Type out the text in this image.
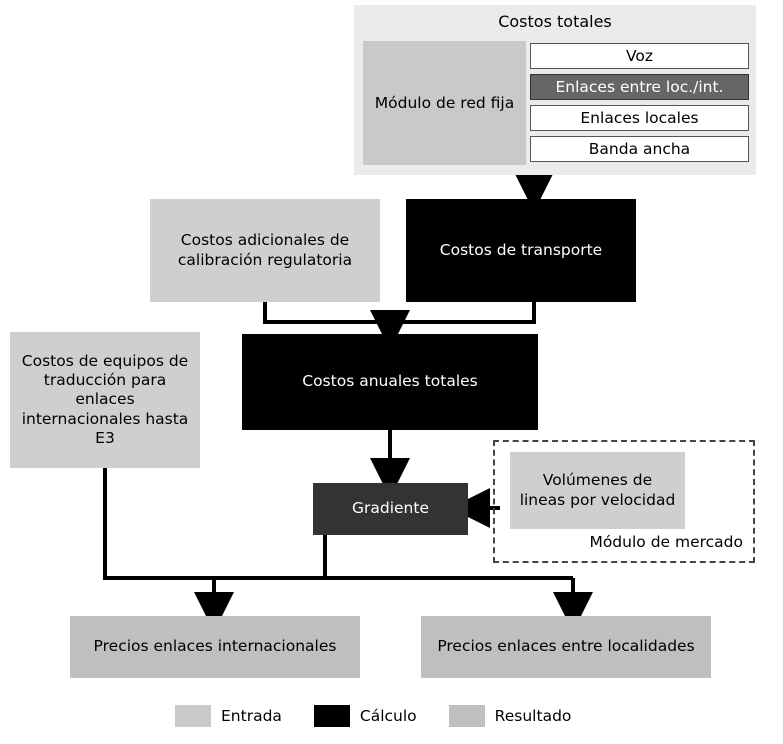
Costos totales
Módulo de red fija
Voz
Enlaces entre loc./int.
Enlaces locales
Banda ancha
Costos adicionales de calibración regulatoria
Costos de transporte
Costos anuales totales
Costos de equipos de traducción para enlaces internacionales hasta E3
Gradiente
Volúmenes de lineas por velocidad
Módulo de mercado
Precios enlaces internacionales	Precios enlaces entre localidades
Entrada	Cálculo	Resultado
